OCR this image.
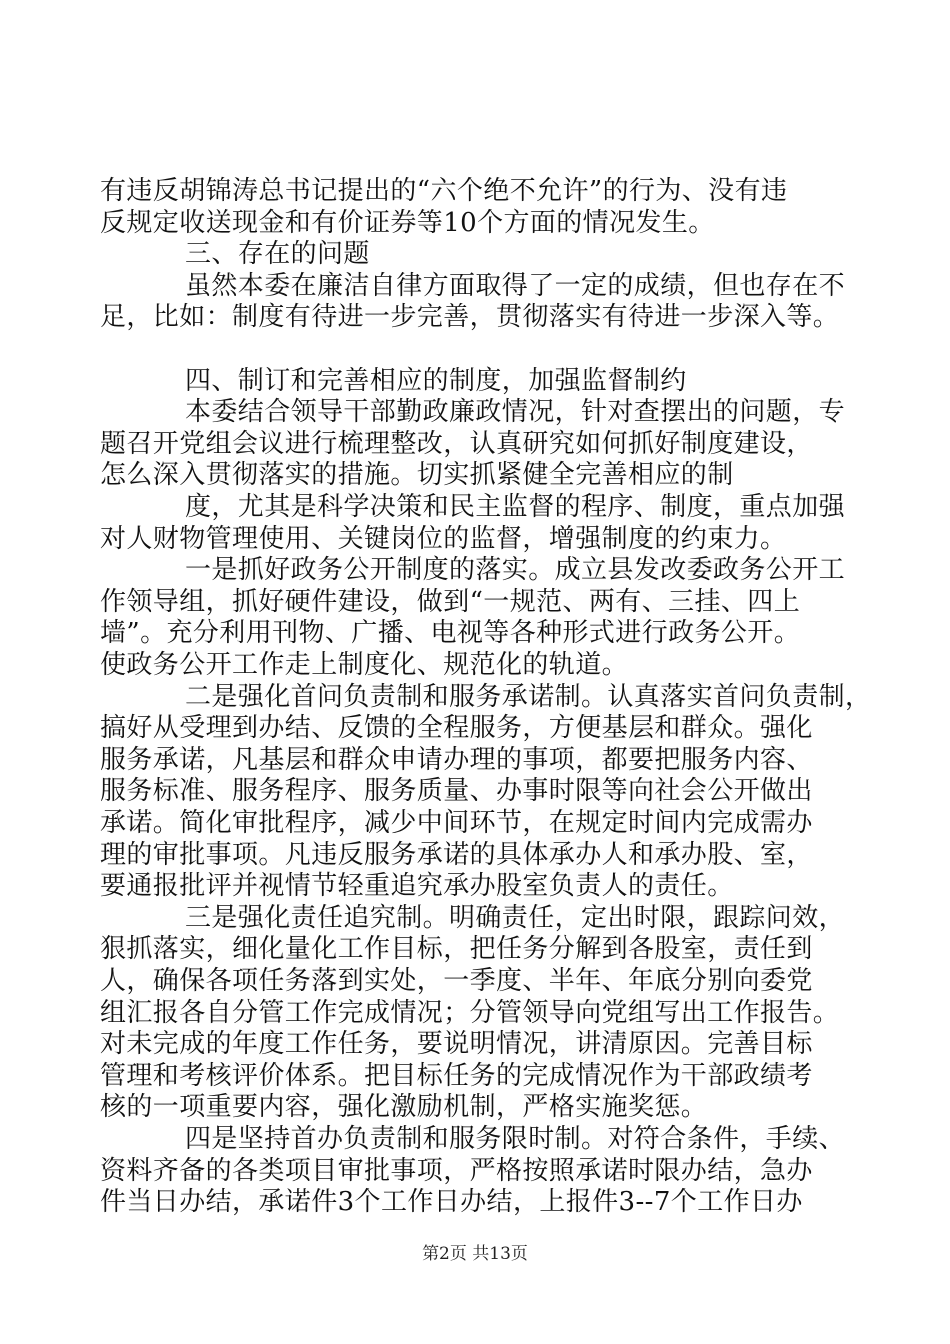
有违反胡锦涛总书记提出的“六个绝不允许”的行为、没有违
反规定收送现金和有价证券等10个方面的情况发生。
三、存在的问题
虽然本委在廉洁自律方面取得了一定的成绩，但也存在不
足，比如：制度有待进一步完善，贯彻落实有待进一步深入等。
四、制订和完善相应的制度，加强监督制约
本委结合领导干部勤政廉政情况，针对查摆出的问题，专
题召开党组会议进行梳理整改，认真研究如何抓好制度建设，
怎么深入贯彻落实的措施。切实抓紧健全完善相应的制
度，尤其是科学决策和民主监督的程序、制度，重点加强
对人财物管理使用、关键岗位的监督，增强制度的约束力。
一是抓好政务公开制度的落实。成立县发改委政务公开工
作领导组，抓好硬件建设，做到“一规范、两有、三挂、四上
墙”。充分利用刊物、广播、电视等各种形式进行政务公开。
使政务公开工作走上制度化、规范化的轨道。
二是强化首问负责制和服务承诺制。认真落实首问负责制，
搞好从受理到办结、反馈的全程服务，方便基层和群众。强化
服务承诺，凡基层和群众申请办理的事项，都要把服务内容、
服务标准、服务程序、服务质量、办事时限等向社会公开做出
承诺。简化审批程序，减少中间环节，在规定时间内完成需办
理的审批事项。凡违反服务承诺的具体承办人和承办股、室，
要通报批评并视情节轻重追究承办股室负责人的责任。
三是强化责任追究制。明确责任，定出时限，跟踪问效，
狠抓落实，细化量化工作目标，把任务分解到各股室，责任到
人，确保各项任务落到实处，一季度、半年、年底分别向委党
组汇报各自分管工作完成情况；分管领导向党组写出工作报告。
对未完成的年度工作任务，要说明情况，讲清原因。完善目标
管理和考核评价体系。把目标任务的完成情况作为干部政绩考
核的一项重要内容，强化激励机制，严格实施奖惩。
四是坚持首办负责制和服务限时制。对符合条件，手续、
资料齐备的各类项目审批事项，严格按照承诺时限办结，急办
件当日办结，承诺件3个工作日办结，上报件3--7个工作日办
第2页 共13页
